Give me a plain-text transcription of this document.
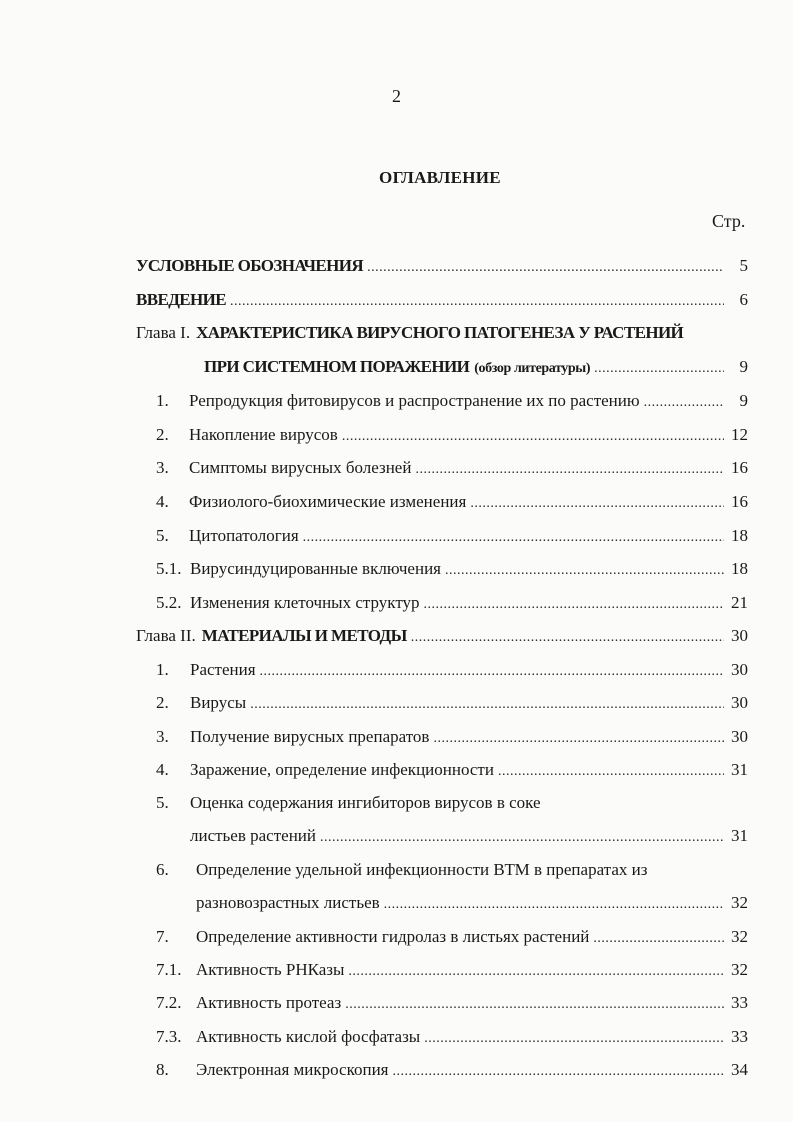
2
ОГЛАВЛЕНИЕ
Стр.
УСЛОВНЫЕ ОБОЗНАЧЕНИЯ . . .	5
ВВЕДЕНИЕ . . .	6
Глава I. ХАРАКТЕРИСТИКА ВИРУСНОГО ПАТОГЕНЕЗА У РАСТЕНИЙ
ПРИ СИСТЕМНОМ ПОРАЖЕНИИ (обзор литературы) . . .	9
1.	Репродукция фитовирусов и распространение их по растению . . .	9
2.	Накопление вирусов . . .	12
3.	Симптомы вирусных болезней . . .	16
4.	Физиолого-биохимические изменения . . .	16
5.	Цитопатология . . .	18
5.1. Вирусиндуцированные включения . . .	18
5.2. Изменения клеточных структур . . .	21
Глава II. МАТЕРИАЛЫ И МЕТОДЫ . . .	30
1.	Растения . . .	30
2.	Вирусы . . .	30
3.	Получение вирусных препаратов . . .	30
4.	Заражение, определение инфекционности . . .	31
5.	Оценка содержания ингибиторов вирусов в соке
листьев растений . . .	31
6.	Определение удельной инфекционности ВТМ в препаратах из
разновозрастных листьев . . .	32
7.	Определение активности гидролаз в листьях растений . . .	32
7.1. Активность РНКазы . . .	32
7.2. Активность протеаз . . .	33
7.3. Активность кислой фосфатазы . . .	33
8.	Электронная микроскопия . . .	34
